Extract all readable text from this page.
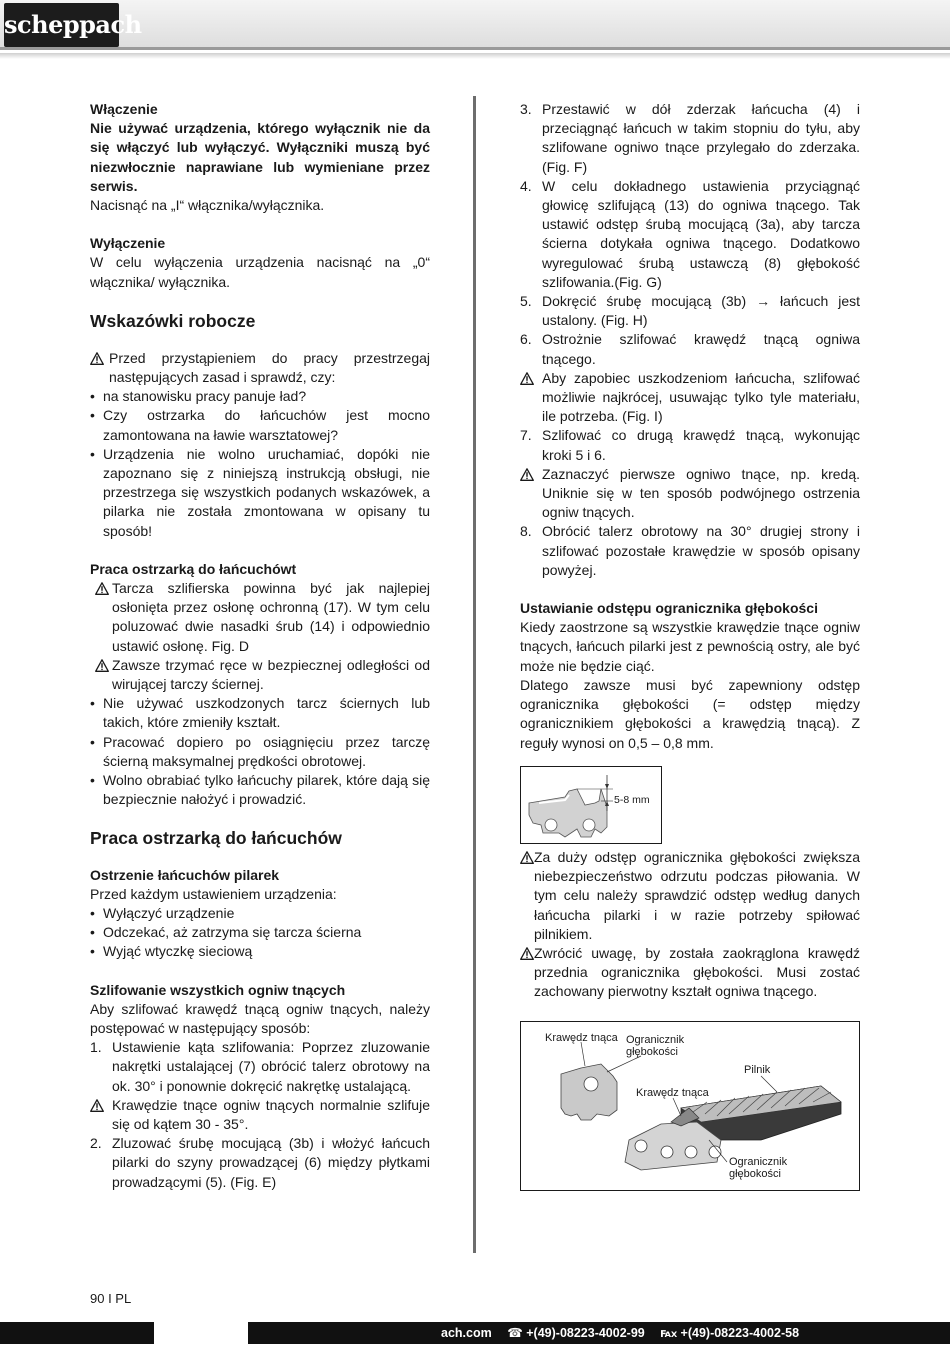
scheppach
Włączenie

Nie używać urządzenia, którego wyłącznik nie da się włączyć lub wyłączyć. Wyłączniki muszą być niezwłocznie naprawiane lub wymieniane przez serwis.

Nacisnąć na „I“ włącznika/wyłącznika.

Wyłączenie

W celu wyłączenia urządzenia nacisnąć na „0“ włącznika/ wyłącznika.

Wskazówki robocze
Przed przystąpieniem do pracy przestrzegaj następujących zasad i sprawdź, czy:
• na stanowisku pracy panuje ład?
• Czy ostrzarka do łańcuchów jest mocno zamontowana na ławie warsztatowej?
• Urządzenia nie wolno uruchamiać, dopóki nie zapoznano się z niniejszą instrukcją obsługi, nie przestrzega się wszystkich podanych wskazówek, a pilarka nie została zmontowana w opisany tu sposób!
Praca ostrzarką do łańcuchówt
Tarcza szlifierska powinna być jak najlepiej osłonięta przez osłonę ochronną (17). W tym celu poluzować dwie nasadki śrub (14) i odpowiednio ustawić osłonę. Fig. D
Zawsze trzymać ręce w bezpiecznej odległości od wirującej tarczy ściernej.
• Nie używać uszkodzonych tarcz ściernych lub takich, które zmieniły kształt.
• Pracować dopiero po osiągnięciu przez tarczę ścierną maksymalnej prędkości obrotowej.
• Wolno obrabiać tylko łańcuchy pilarek, które dają się bezpiecznie nałożyć i prowadzić.
Praca ostrzarką do łańcuchów
Ostrzenie łańcuchów pilarek

Przed każdym ustawieniem urządzenia:

• Wyłączyć urządzenie
• Odczekać, aż zatrzyma się tarcza ścierna
• Wyjąć wtyczkę sieciową
Szlifowanie wszystkich ogniw tnących

Aby szlifować krawędź tnącą ogniw tnących, należy postępować w następujący sposób:

1. Ustawienie kąta szlifowania: Poprzez zluzowanie nakrętki ustalającej (7) obrócić talerz obrotowy na ok. 30° i ponownie dokręcić nakrętkę ustalającą.
Krawędzie tnące ogniw tnących normalnie szlifuje się od kątem 30 - 35°.
2. Zluzować śrubę mocującą (3b) i włożyć łańcuch pilarki do szyny prowadzącej (6) między płytkami prowadzącymi (5). (Fig. E)
3. Przestawić w dół zderzak łańcucha (4) i przeciągnąć łańcuch w takim stopniu do tyłu, aby szlifowane ogniwo tnące przylegało do zderzaka. (Fig. F)
4. W celu dokładnego ustawienia przyciągnąć głowicę szlifującą (13) do ogniwa tnącego. Tak ustawić odstęp śrubą mocującą (3a), aby tarcza ścierna dotykała ogniwa tnącego. Dodatkowo wyregulować śrubą ustawczą (8) głębokość szlifowania.(Fig. G)
5. Dokręcić śrubę mocującą (3b) → łańcuch jest ustalony. (Fig. H)
6. Ostrożnie szlifować krawędź tnącą ogniwa tnącego.
Aby zapobiec uszkodzeniom łańcucha, szlifować możliwie najkrócej, usuwając tylko tyle materiału, ile potrzeba. (Fig. I)
7. Szlifować co drugą krawędź tnącą, wykonując kroki 5 i 6.
Zaznaczyć pierwsze ogniwo tnące, np. kredą. Uniknie się w ten sposób podwójnego ostrzenia ogniw tnących.
8. Obrócić talerz obrotowy na 30° drugiej strony i szlifować pozostałe krawędzie w sposób opisany powyżej.
Ustawianie odstępu ogranicznika głębokości

Kiedy zaostrzone są wszystkie krawędzie tnące ogniw tnących, łańcuch pilarki jest z pewnością ostry, ale być może nie będzie ciąć.

Dlatego zawsze musi być zapewniony odstęp ogranicznika głębokości (= odstęp między ogranicznikiem głębokości a krawędzią tnącą). Z reguły wynosi on 0,5 – 0,8 mm.

5-8 mm
Za duży odstęp ogranicznika głębokości zwiększa niebezpieczeństwo odrzutu podczas piłowania. W tym celu należy sprawdzić odstęp według danych łańcucha pilarki i w razie potrzeby spiłować pilnikiem.
Zwrócić uwagę, by została zaokrąglona krawędź przednia ogranicznika głębokości. Musi zostać zachowany pierwotny kształt ogniwa tnącego.
Krawędz tnąca Ogranicznik
głębokości
Pilnik
Krawędz tnąca
Ogranicznik
głębokości
90 I PL
ach.com ☎ +(49)-08223-4002-99 ℻ +(49)-08223-4002-58
